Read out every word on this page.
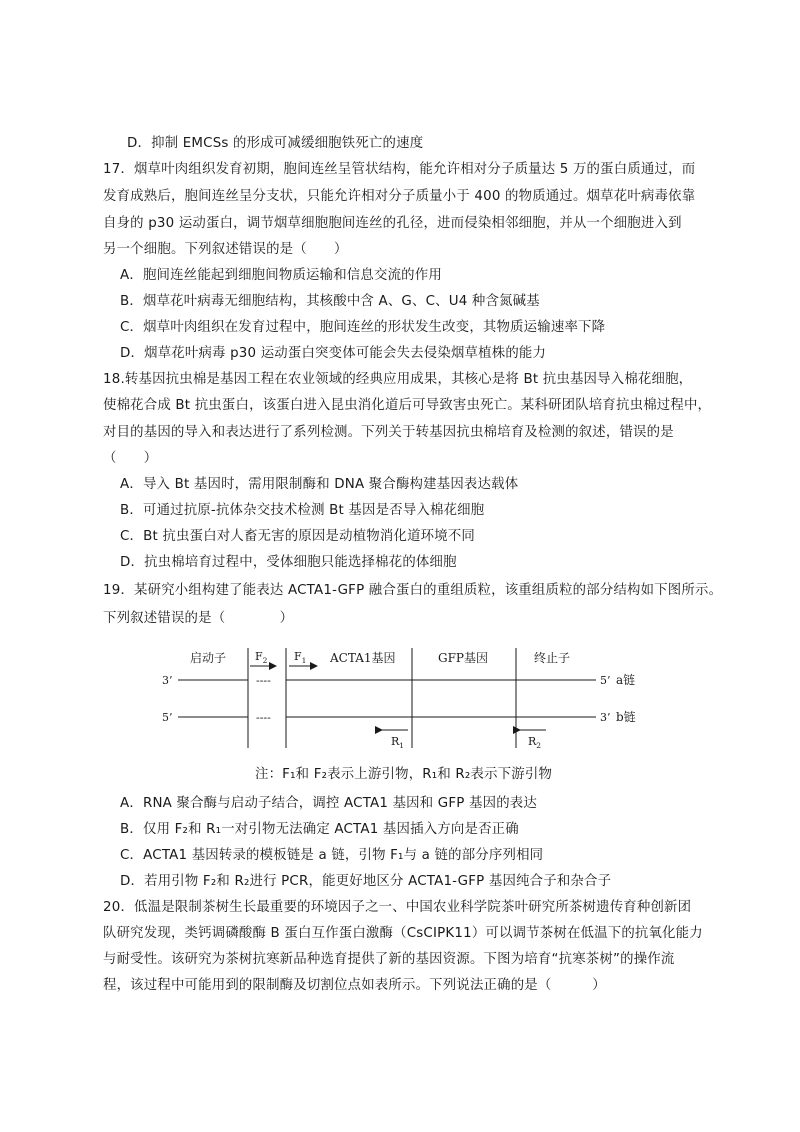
D．抑制 EMCSs 的形成可减缓细胞铁死亡的速度
17．烟草叶肉组织发育初期，胞间连丝呈管状结构，能允许相对分子质量达 5 万的蛋白质通过，而
发育成熟后，胞间连丝呈分支状，只能允许相对分子质量小于 400 的物质通过。烟草花叶病毒依靠
自身的 p30 运动蛋白，调节烟草细胞胞间连丝的孔径，进而侵染相邻细胞，并从一个细胞进入到
另一个细胞。下列叙述错误的是（　　）
A．胞间连丝能起到细胞间物质运输和信息交流的作用
B．烟草花叶病毒无细胞结构，其核酸中含 A、G、C、U4 种含氮碱基
C．烟草叶肉组织在发育过程中，胞间连丝的形状发生改变，其物质运输速率下降
D．烟草花叶病毒 p30 运动蛋白突变体可能会失去侵染烟草植株的能力
18.转基因抗虫棉是基因工程在农业领域的经典应用成果，其核心是将 Bt 抗虫基因导入棉花细胞，
使棉花合成 Bt 抗虫蛋白，该蛋白进入昆虫消化道后可导致害虫死亡。某科研团队培育抗虫棉过程中，
对目的基因的导入和表达进行了系列检测。下列关于转基因抗虫棉培育及检测的叙述，错误的是
（　　）
A．导入 Bt 基因时，需用限制酶和 DNA 聚合酶构建基因表达载体
B．可通过抗原-抗体杂交技术检测 Bt 基因是否导入棉花细胞
C．Bt 抗虫蛋白对人畜无害的原因是动植物消化道环境不同
D．抗虫棉培育过程中，受体细胞只能选择棉花的体细胞
19．某研究小组构建了能表达 ACTA1-GFP 融合蛋白的重组质粒，该重组质粒的部分结构如下图所示。
下列叙述错误的是（　　　　）
启动子	ACTA1基因	GFP基因	终止子
$F_2$ $F_1$
3’	----	5’ a链
5’	----	3’ b链
$R_1$	$R_2$
注：F₁和 F₂表示上游引物，R₁和 R₂表示下游引物
A．RNA 聚合酶与启动子结合，调控 ACTA1 基因和 GFP 基因的表达
B．仅用 F₂和 R₁一对引物无法确定 ACTA1 基因插入方向是否正确
C．ACTA1 基因转录的模板链是 a 链，引物 F₁与 a 链的部分序列相同
D．若用引物 F₂和 R₂进行 PCR，能更好地区分 ACTA1-GFP 基因纯合子和杂合子
20．低温是限制茶树生长最重要的环境因子之一、中国农业科学院茶叶研究所茶树遗传育种创新团
队研究发现，类钙调磷酸酶 B 蛋白互作蛋白激酶（CsCIPK11）可以调节茶树在低温下的抗氧化能力
与耐受性。该研究为茶树抗寒新品种选育提供了新的基因资源。下图为培育“抗寒茶树”的操作流
程，该过程中可能用到的限制酶及切割位点如表所示。下列说法正确的是（　　　）
